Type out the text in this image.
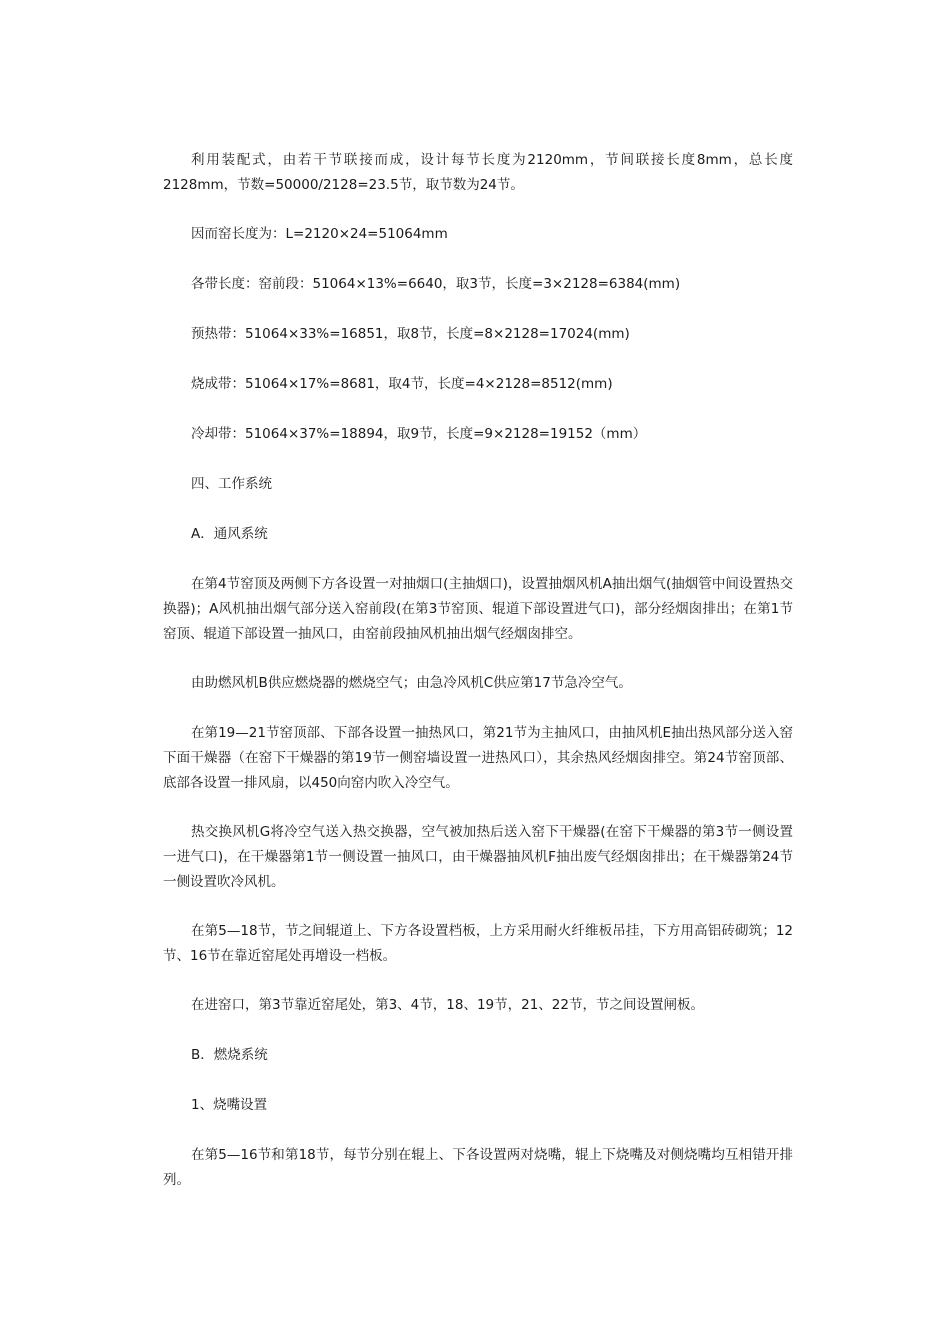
利用装配式，由若干节联接而成，设计每节长度为2120mm，节间联接长度8mm，总长度2128mm，节数=50000/2128=23.5节，取节数为24节。

因而窑长度为：L=2120×24=51064mm

各带长度：窑前段：51064×13%=6640，取3节，长度=3×2128=6384(mm)

预热带：51064×33%=16851，取8节，长度=8×2128=17024(mm)

烧成带：51064×17%=8681，取4节，长度=4×2128=8512(mm)

冷却带：51064×37%=18894，取9节，长度=9×2128=19152（mm）

四、工作系统

A．通风系统

在第4节窑顶及两侧下方各设置一对抽烟口(主抽烟口)，设置抽烟风机A抽出烟气(抽烟管中间设置热交换器)；A风机抽出烟气部分送入窑前段(在第3节窑顶、辊道下部设置进气口)，部分经烟囱排出；在第1节窑顶、辊道下部设置一抽风口，由窑前段抽风机抽出烟气经烟囱排空。

由助燃风机B供应燃烧器的燃烧空气；由急冷风机C供应第17节急冷空气。

在第19—21节窑顶部、下部各设置一抽热风口，第21节为主抽风口，由抽风机E抽出热风部分送入窑下面干燥器（在窑下干燥器的第19节一侧窑墙设置一进热风口），其余热风经烟囱排空。第24节窑顶部、底部各设置一排风扇，以450向窑内吹入冷空气。

热交换风机G将冷空气送入热交换器，空气被加热后送入窑下干燥器(在窑下干燥器的第3节一侧设置一进气口)，在干燥器第1节一侧设置一抽风口，由干燥器抽风机F抽出废气经烟囱排出；在干燥器第24节一侧设置吹冷风机。

在第5—18节，节之间辊道上、下方各设置档板，上方采用耐火纤维板吊挂，下方用高铝砖砌筑；12节、16节在靠近窑尾处再增设一档板。

在进窑口，第3节靠近窑尾处，第3、4节，18、19节，21、22节，节之间设置闸板。

B．燃烧系统

1、烧嘴设置

在第5—16节和第18节，每节分别在辊上、下各设置两对烧嘴，辊上下烧嘴及对侧烧嘴均互相错开排列。
